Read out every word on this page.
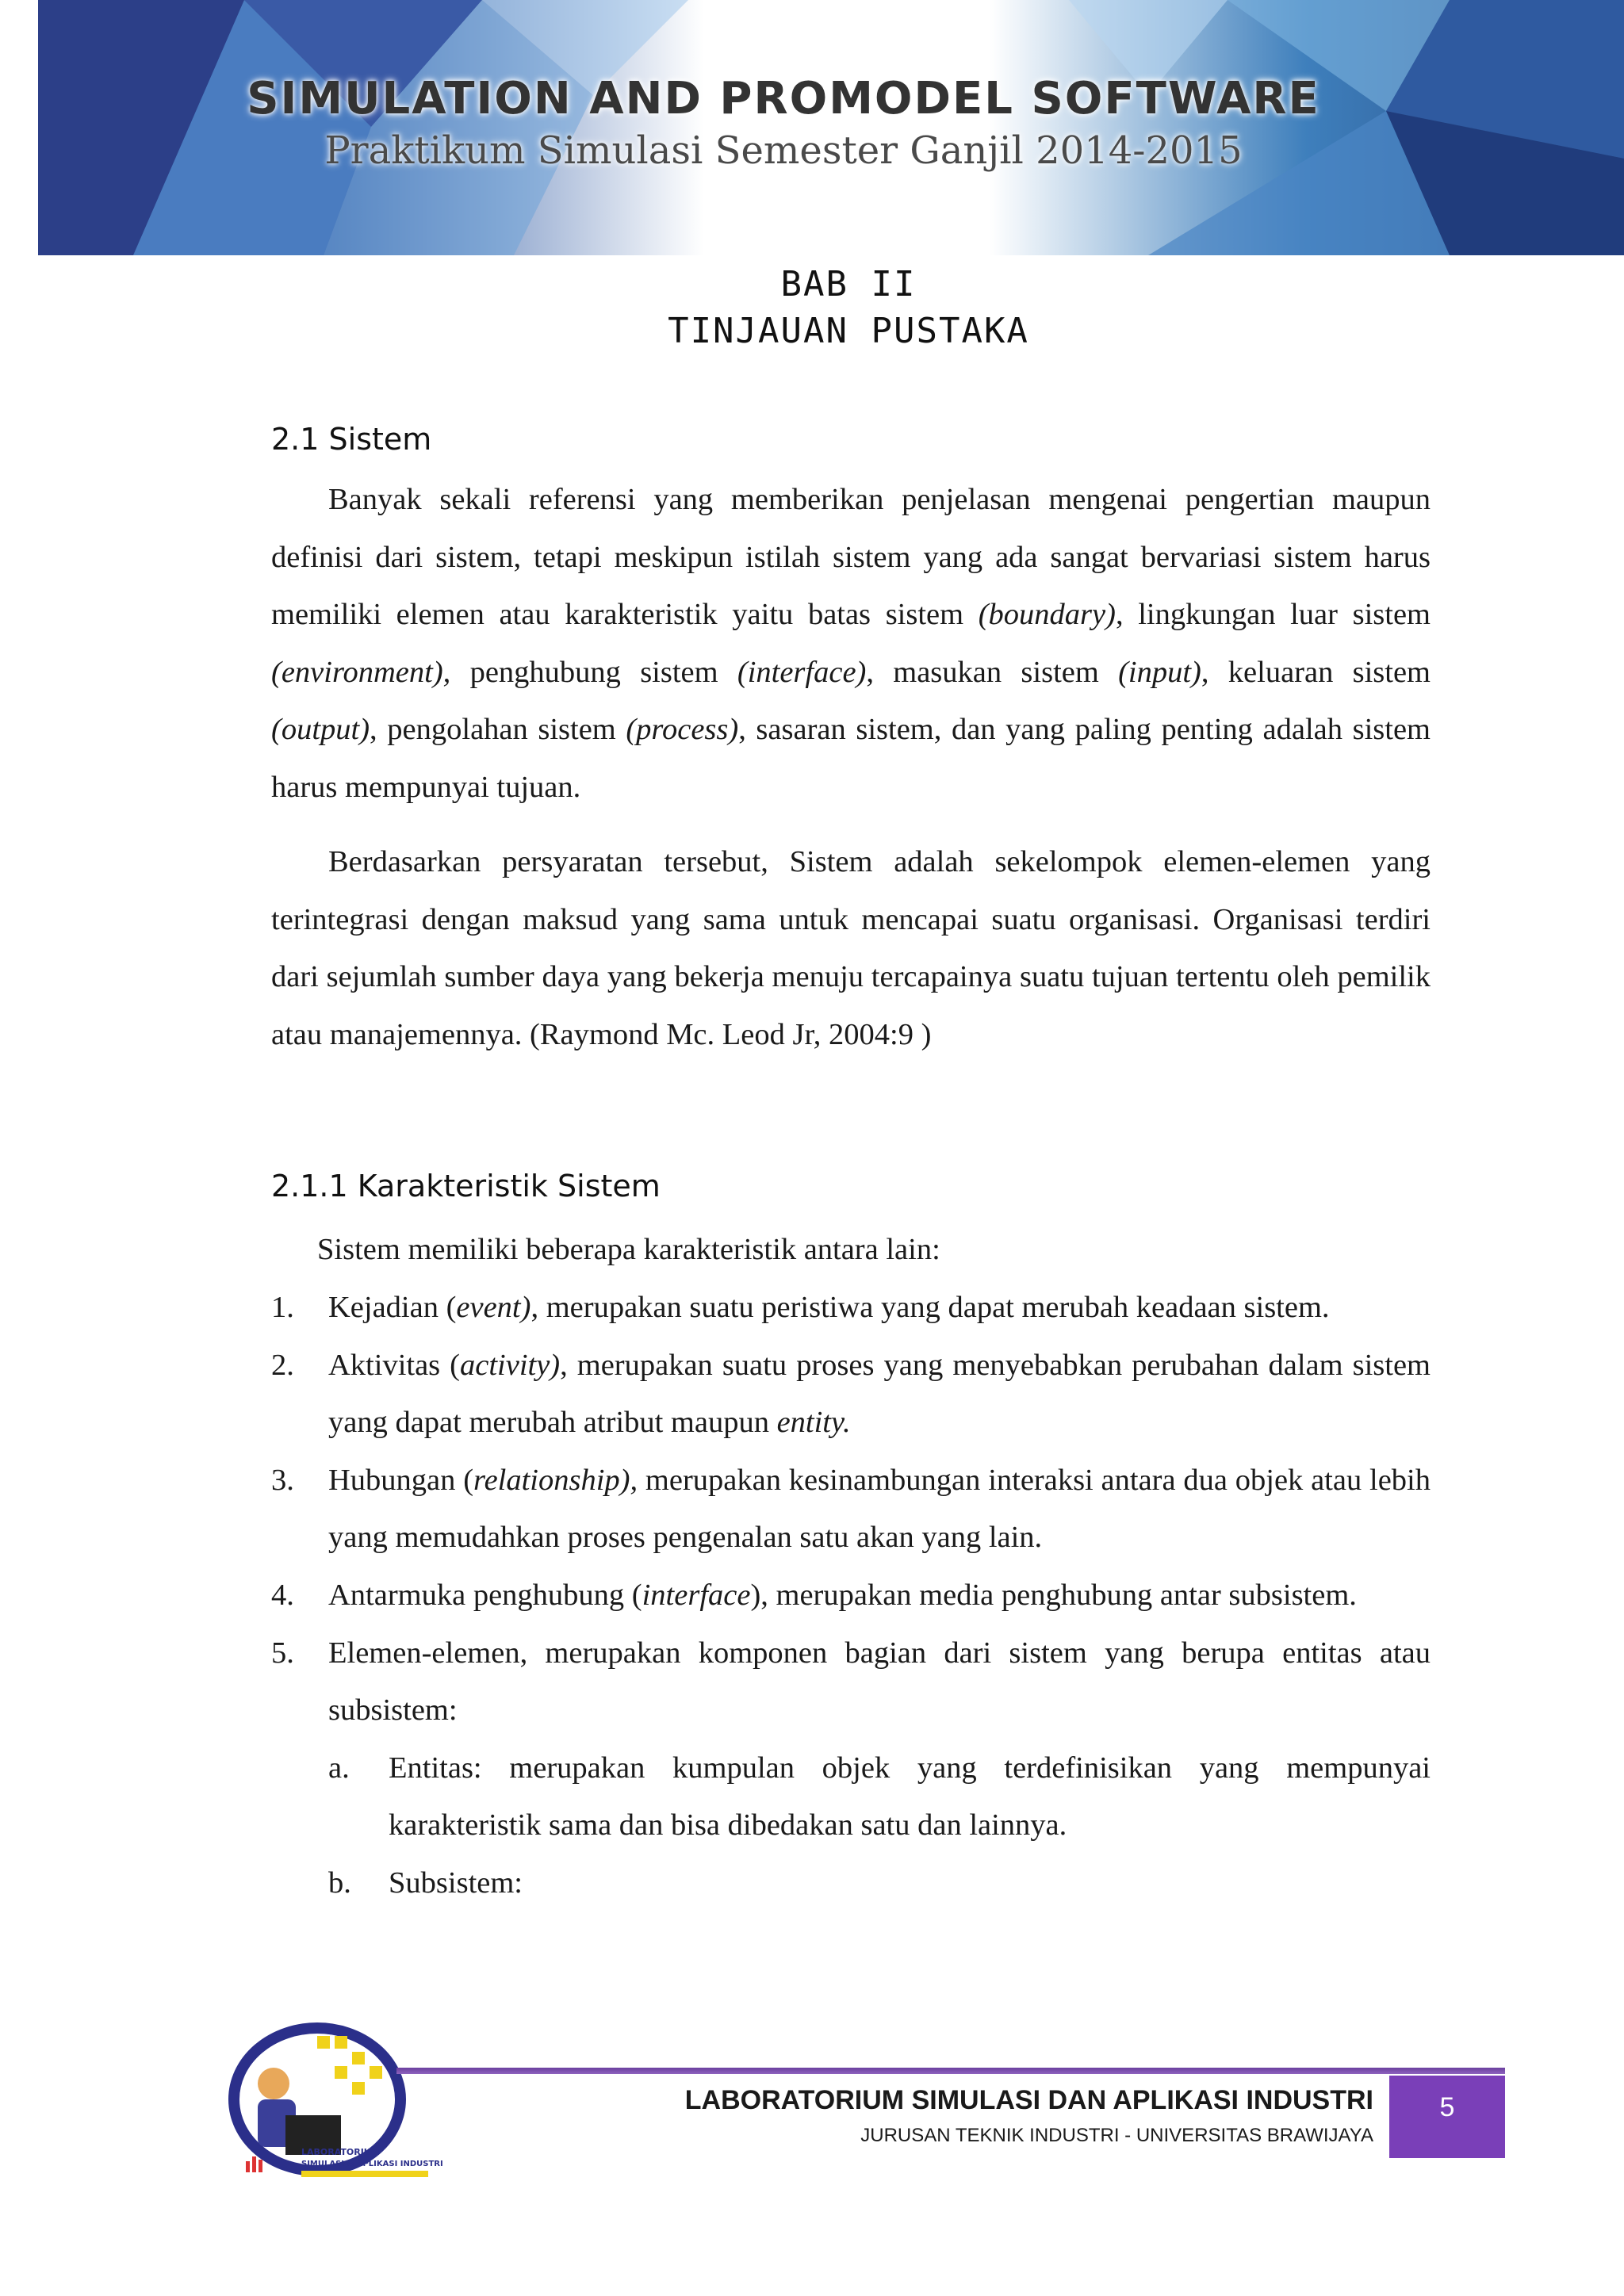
SIMULATION AND PROMODEL SOFTWARE
Praktikum Simulasi Semester Ganjil 2014-2015
BAB II
TINJAUAN PUSTAKA
2.1 Sistem

Banyak sekali referensi yang memberikan penjelasan mengenai pengertian maupun definisi dari sistem, tetapi meskipun istilah sistem yang ada sangat bervariasi sistem harus memiliki elemen atau karakteristik yaitu batas sistem (boundary), lingkungan luar sistem (environment), penghubung sistem (interface), masukan sistem (input), keluaran sistem (output), pengolahan sistem (process), sasaran sistem, dan yang paling penting adalah sistem harus mempunyai tujuan.

Berdasarkan persyaratan tersebut, Sistem adalah sekelompok elemen-elemen yang terintegrasi dengan maksud yang sama untuk mencapai suatu organisasi. Organisasi terdiri dari sejumlah sumber daya yang bekerja menuju tercapainya suatu tujuan tertentu oleh pemilik atau manajemennya. (Raymond Mc. Leod Jr, 2004:9 )

2.1.1 Karakteristik Sistem

Sistem memiliki beberapa karakteristik antara lain:

1. Kejadian (event), merupakan suatu peristiwa yang dapat merubah keadaan sistem.
2. Aktivitas (activity), merupakan suatu proses yang menyebabkan perubahan dalam sistem yang dapat merubah atribut maupun entity.
3. Hubungan (relationship), merupakan kesinambungan interaksi antara dua objek atau lebih yang memudahkan proses pengenalan satu akan yang lain.
4. Antarmuka penghubung (interface), merupakan media penghubung antar subsistem.
5. Elemen-elemen, merupakan komponen bagian dari sistem yang berupa entitas atau subsistem:
a. Entitas: merupakan kumpulan objek yang terdefinisikan yang mempunyai karakteristik sama dan bisa dibedakan satu dan lainnya.
b. Subsistem:
LABORATORIUM
SIMULASI & APLIKASI INDUSTRI
LABORATORIUM SIMULASI DAN APLIKASI INDUSTRI
JURUSAN TEKNIK INDUSTRI - UNIVERSITAS BRAWIJAYA
5
